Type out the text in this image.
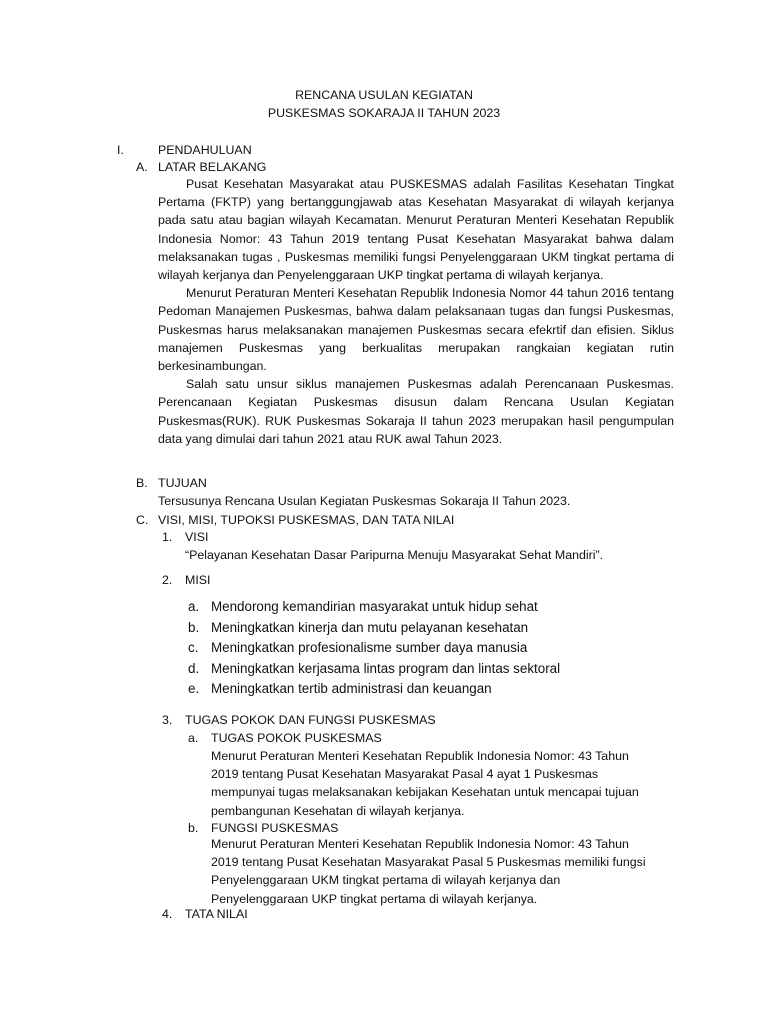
RENCANA USULAN KEGIATAN
PUSKESMAS SOKARAJA II TAHUN 2023
I.	PENDAHULUAN
A. LATAR BELAKANG

Pusat Kesehatan Masyarakat atau PUSKESMAS adalah Fasilitas Kesehatan Tingkat Pertama (FKTP) yang bertanggungjawab atas Kesehatan Masyarakat di wilayah kerjanya pada satu atau bagian wilayah Kecamatan. Menurut Peraturan Menteri Kesehatan Republik Indonesia Nomor: 43 Tahun 2019 tentang Pusat Kesehatan Masyarakat bahwa dalam melaksanakan tugas , Puskesmas memiliki fungsi Penyelenggaraan UKM tingkat pertama di wilayah kerjanya dan Penyelenggaraan UKP tingkat pertama di wilayah kerjanya.

Menurut Peraturan Menteri Kesehatan Republik Indonesia Nomor 44 tahun 2016 tentang Pedoman Manajemen Puskesmas, bahwa dalam pelaksanaan tugas dan fungsi Puskesmas, Puskesmas harus melaksanakan manajemen Puskesmas secara efekrtif dan efisien. Siklus manajemen Puskesmas yang berkualitas merupakan rangkaian kegiatan rutin berkesinambungan.

Salah satu unsur siklus manajemen Puskesmas adalah Perencanaan Puskesmas. Perencanaan Kegiatan Puskesmas disusun dalam Rencana Usulan Kegiatan Puskesmas(RUK). RUK Puskesmas Sokaraja II tahun 2023 merupakan hasil pengumpulan data yang dimulai dari tahun 2021 atau RUK awal Tahun 2023.

B. TUJUAN
Tersusunya Rencana Usulan Kegiatan Puskesmas Sokaraja II Tahun 2023.
C. VISI, MISI, TUPOKSI PUSKESMAS, DAN TATA NILAI
1. VISI
“Pelayanan Kesehatan Dasar Paripurna Menuju Masyarakat Sehat Mandiri”.
2. MISI
a. Mendorong kemandirian masyarakat untuk hidup sehat
b. Meningkatkan kinerja dan mutu pelayanan kesehatan
c. Meningkatkan profesionalisme sumber daya manusia
d. Meningkatkan kerjasama lintas program dan lintas sektoral
e. Meningkatkan tertib administrasi dan keuangan
3. TUGAS POKOK DAN FUNGSI PUSKESMAS
a. TUGAS POKOK PUSKESMAS
Menurut Peraturan Menteri Kesehatan Republik Indonesia Nomor: 43 Tahun
2019 tentang Pusat Kesehatan Masyarakat Pasal 4 ayat 1 Puskesmas
mempunyai tugas melaksanakan kebijakan Kesehatan untuk mencapai tujuan
pembangunan Kesehatan di wilayah kerjanya.
b. FUNGSI PUSKESMAS
Menurut Peraturan Menteri Kesehatan Republik Indonesia Nomor: 43 Tahun
2019 tentang Pusat Kesehatan Masyarakat Pasal 5 Puskesmas memiliki fungsi
Penyelenggaraan UKM tingkat pertama di wilayah kerjanya dan
Penyelenggaraan UKP tingkat pertama di wilayah kerjanya.
4. TATA NILAI
